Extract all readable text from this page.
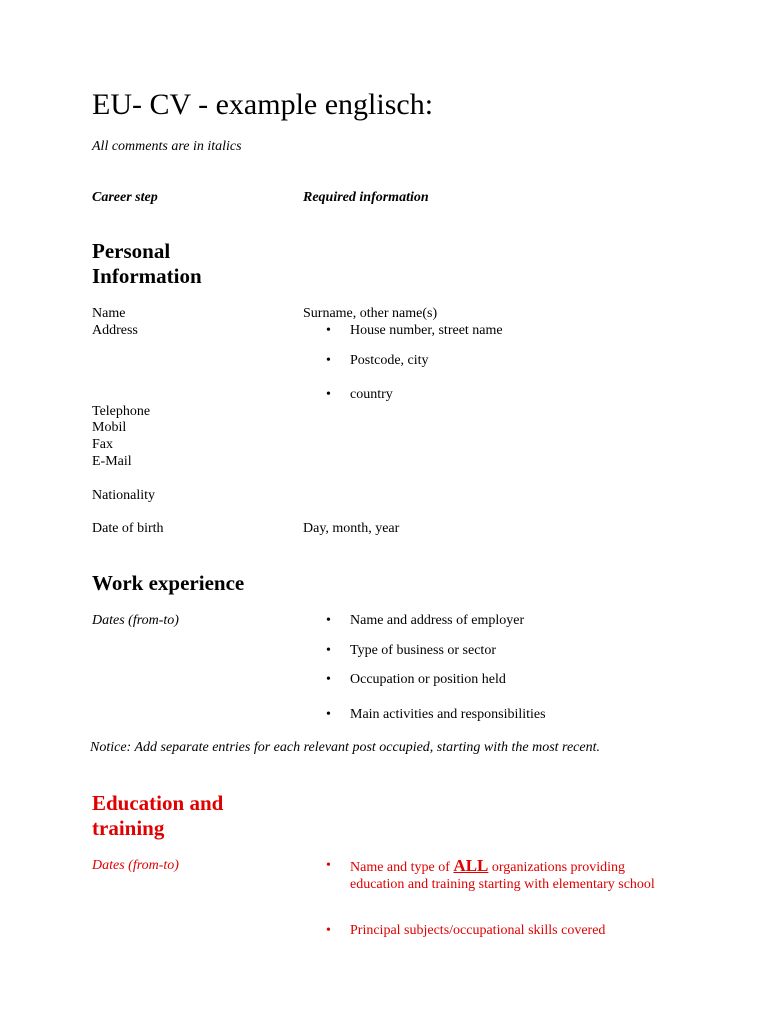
EU- CV - example englisch:
All comments are in italics
Career step	Required information
Personal
Information
Name	Surname, other name(s)
Address	• House number, street name
• Postcode, city
• country
Telephone
Mobil
Fax
E-Mail
Nationality
Date of birth	Day, month, year
Work experience
Dates (from-to)	• Name and address of employer
• Type of business or sector
• Occupation or position held
• Main activities and responsibilities
Notice: Add separate entries for each relevant post occupied, starting with the most recent.
Education and
training
Dates (from-to)	• Name and type of ALL organizations providing education and training starting with elementary school
• Principal subjects/occupational skills covered
